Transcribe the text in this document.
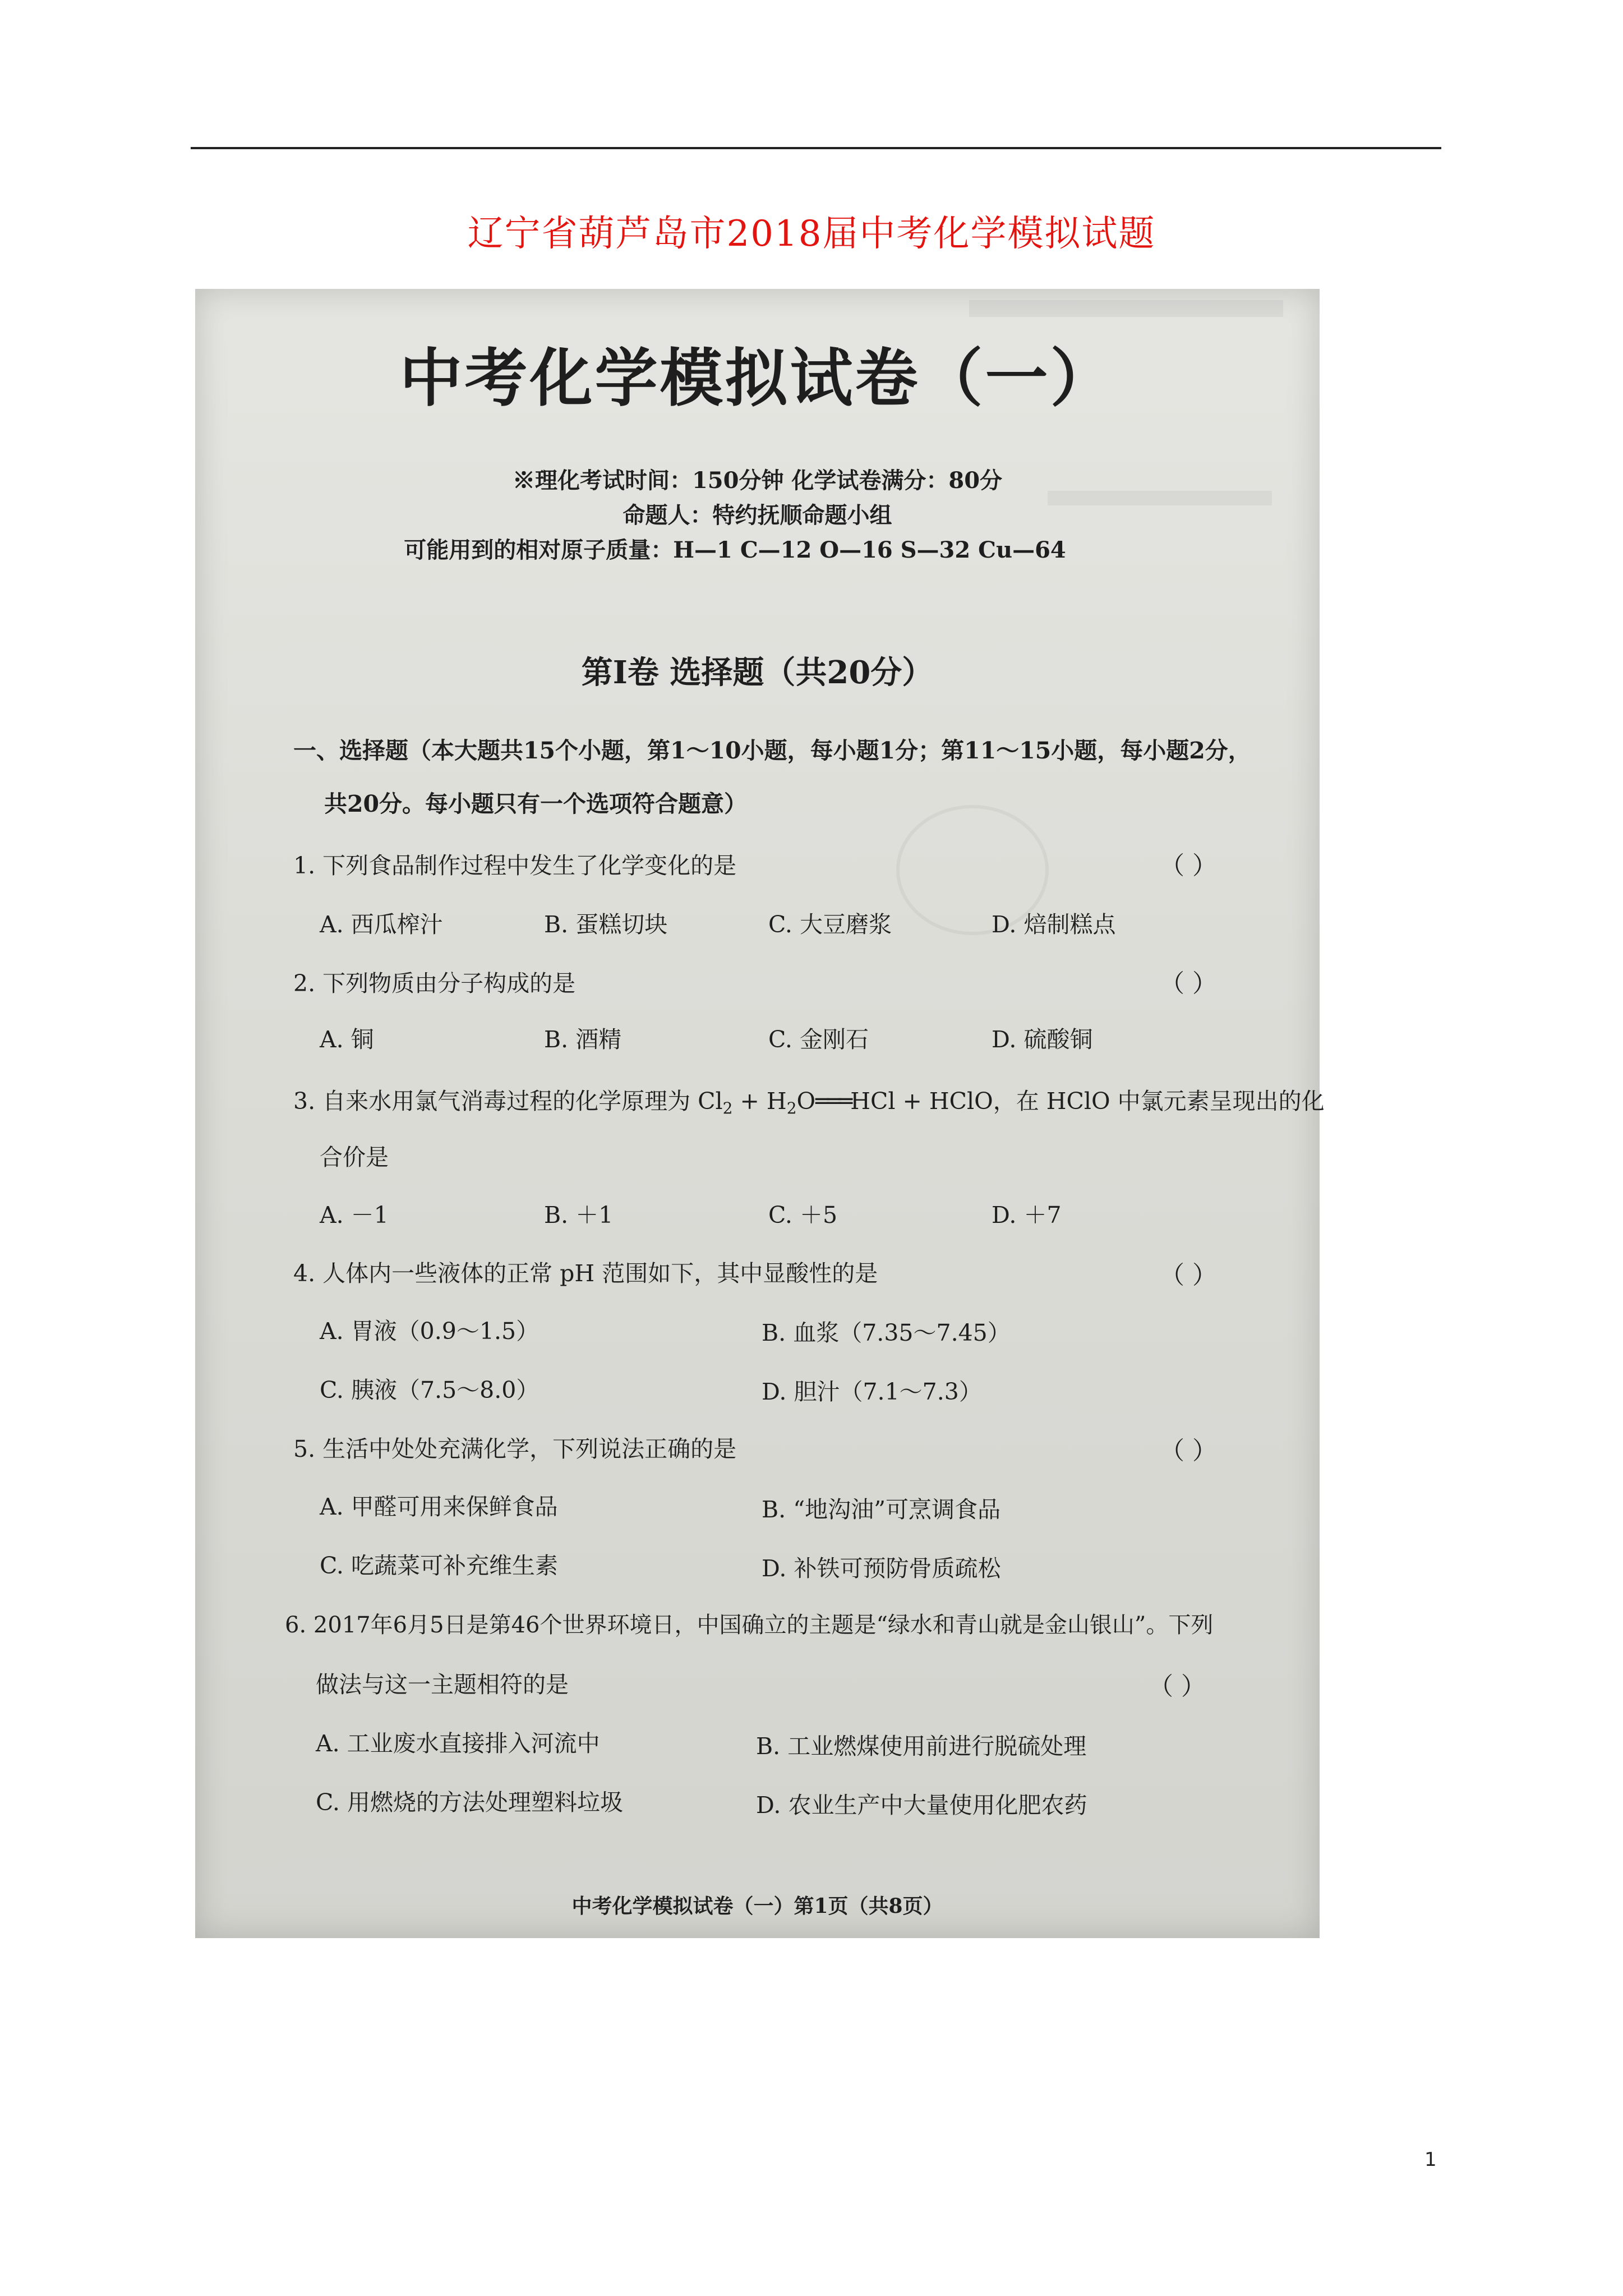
辽宁省葫芦岛市2018届中考化学模拟试题
中考化学模拟试卷（一）
※理化考试时间：150分钟 化学试卷满分：80分
命题人：特约抚顺命题小组
可能用到的相对原子质量：H—1 C—12 O—16 S—32 Cu—64
第Ⅰ卷 选择题（共20分）
一、选择题（本大题共15个小题，第1～10小题，每小题1分；第11～15小题，每小题2分，
共20分。每小题只有一个选项符合题意）
1. 下列食品制作过程中发生了化学变化的是	（ ）
A. 西瓜榨汁	B. 蛋糕切块	C. 大豆磨浆	D. 焙制糕点
2. 下列物质由分子构成的是	（ ）
A. 铜	B. 酒精	C. 金刚石	D. 硫酸铜
3. 自来水用氯气消毒过程的化学原理为 $Cl_2$ + $H_2O═══HCl$ + HClO，在 HClO 中氯元素呈现出的化
合价是
A. －1	B. ＋1	C. ＋5	D. ＋7
4. 人体内一些液体的正常 pH 范围如下，其中显酸性的是	（ ）
A. 胃液（0.9～1.5）	B. 血浆（7.35～7.45）
C. 胰液（7.5～8.0）	D. 胆汁（7.1～7.3）
5. 生活中处处充满化学，下列说法正确的是	（ ）
A. 甲醛可用来保鲜食品	B. “地沟油”可烹调食品
C. 吃蔬菜可补充维生素	D. 补铁可预防骨质疏松
6. 2017年6月5日是第46个世界环境日，中国确立的主题是“绿水和青山就是金山银山”。下列
做法与这一主题相符的是	（ ）
A. 工业废水直接排入河流中	B. 工业燃煤使用前进行脱硫处理
C. 用燃烧的方法处理塑料垃圾	D. 农业生产中大量使用化肥农药
中考化学模拟试卷（一）第1页（共8页）
1
